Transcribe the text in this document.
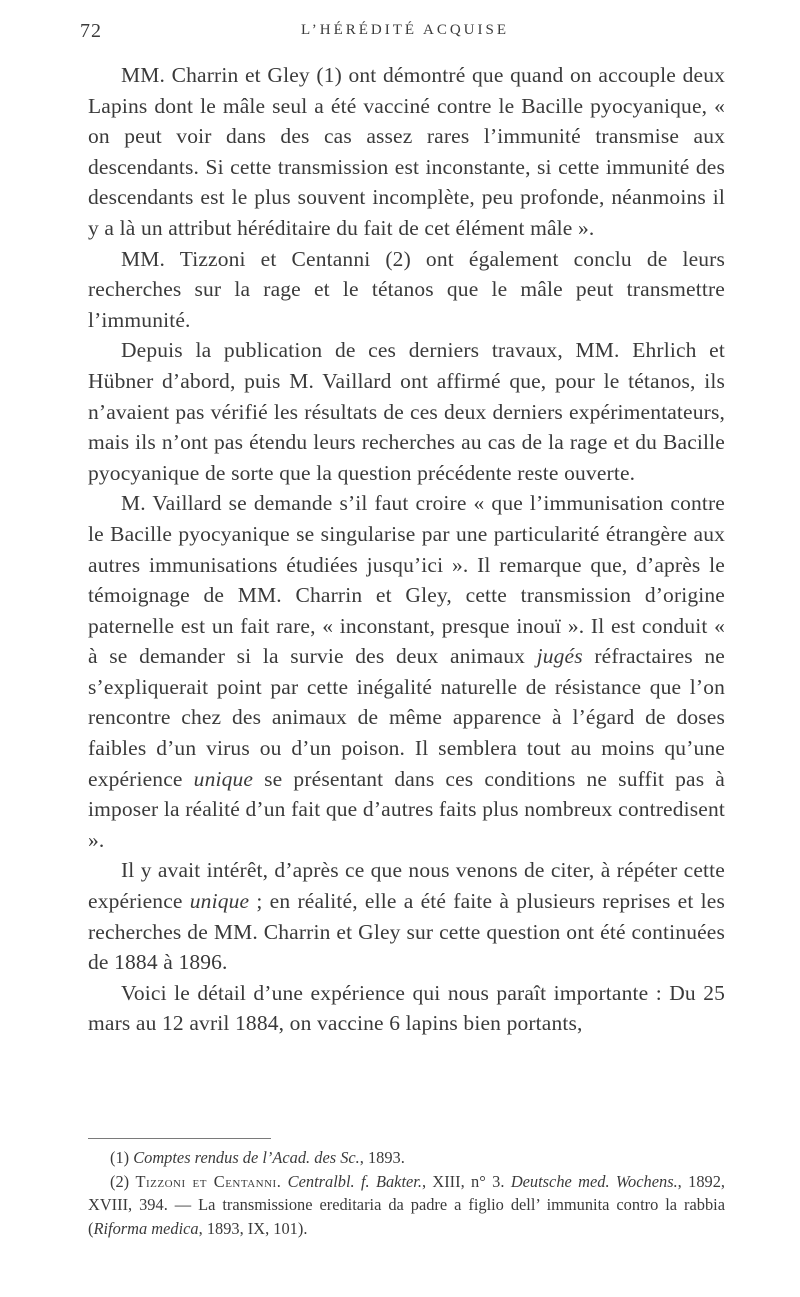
72	L’HÉRÉDITÉ ACQUISE

MM. Charrin et Gley (1) ont démontré que quand on accouple deux Lapins dont le mâle seul a été vacciné contre le Bacille pyocyanique, « on peut voir dans des cas assez rares l’immunité transmise aux descendants. Si cette transmission est inconstante, si cette immunité des descendants est le plus souvent incomplète, peu profonde, néanmoins il y a là un attribut héréditaire du fait de cet élément mâle ».

MM. Tizzoni et Centanni (2) ont également conclu de leurs recherches sur la rage et le tétanos que le mâle peut transmettre l’immunité.

Depuis la publication de ces derniers travaux, MM. Ehrlich et Hübner d’abord, puis M. Vaillard ont affirmé que, pour le tétanos, ils n’avaient pas vérifié les résultats de ces deux derniers expérimentateurs, mais ils n’ont pas étendu leurs recherches au cas de la rage et du Bacille pyocyanique de sorte que la question précédente reste ouverte.

M. Vaillard se demande s’il faut croire « que l’immunisation contre le Bacille pyocyanique se singularise par une particularité étrangère aux autres immunisations étudiées jusqu’ici ». Il remarque que, d’après le témoignage de MM. Charrin et Gley, cette transmission d’origine paternelle est un fait rare, « inconstant, presque inouï ». Il est conduit « à se demander si la survie des deux animaux jugés réfractaires ne s’expliquerait point par cette inégalité naturelle de résistance que l’on rencontre chez des animaux de même apparence à l’égard de doses faibles d’un virus ou d’un poison. Il semblera tout au moins qu’une expérience unique se présentant dans ces conditions ne suffit pas à imposer la réalité d’un fait que d’autres faits plus nombreux contredisent ».

Il y avait intérêt, d’après ce que nous venons de citer, à répéter cette expérience unique ; en réalité, elle a été faite à plusieurs reprises et les recherches de MM. Charrin et Gley sur cette question ont été continuées de 1884 à 1896.

Voici le détail d’une expérience qui nous paraît importante : Du 25 mars au 12 avril 1884, on vaccine 6 lapins bien portants,

(1) Comptes rendus de l’Acad. des Sc., 1893.

(2) Tizzoni et Centanni. Centralbl. f. Bakter., XIII, n° 3. Deutsche med. Wochens., 1892, XVIII, 394. — La transmissione ereditaria da padre a figlio dell’ immunita contro la rabbia (Riforma medica, 1893, IX, 101).
